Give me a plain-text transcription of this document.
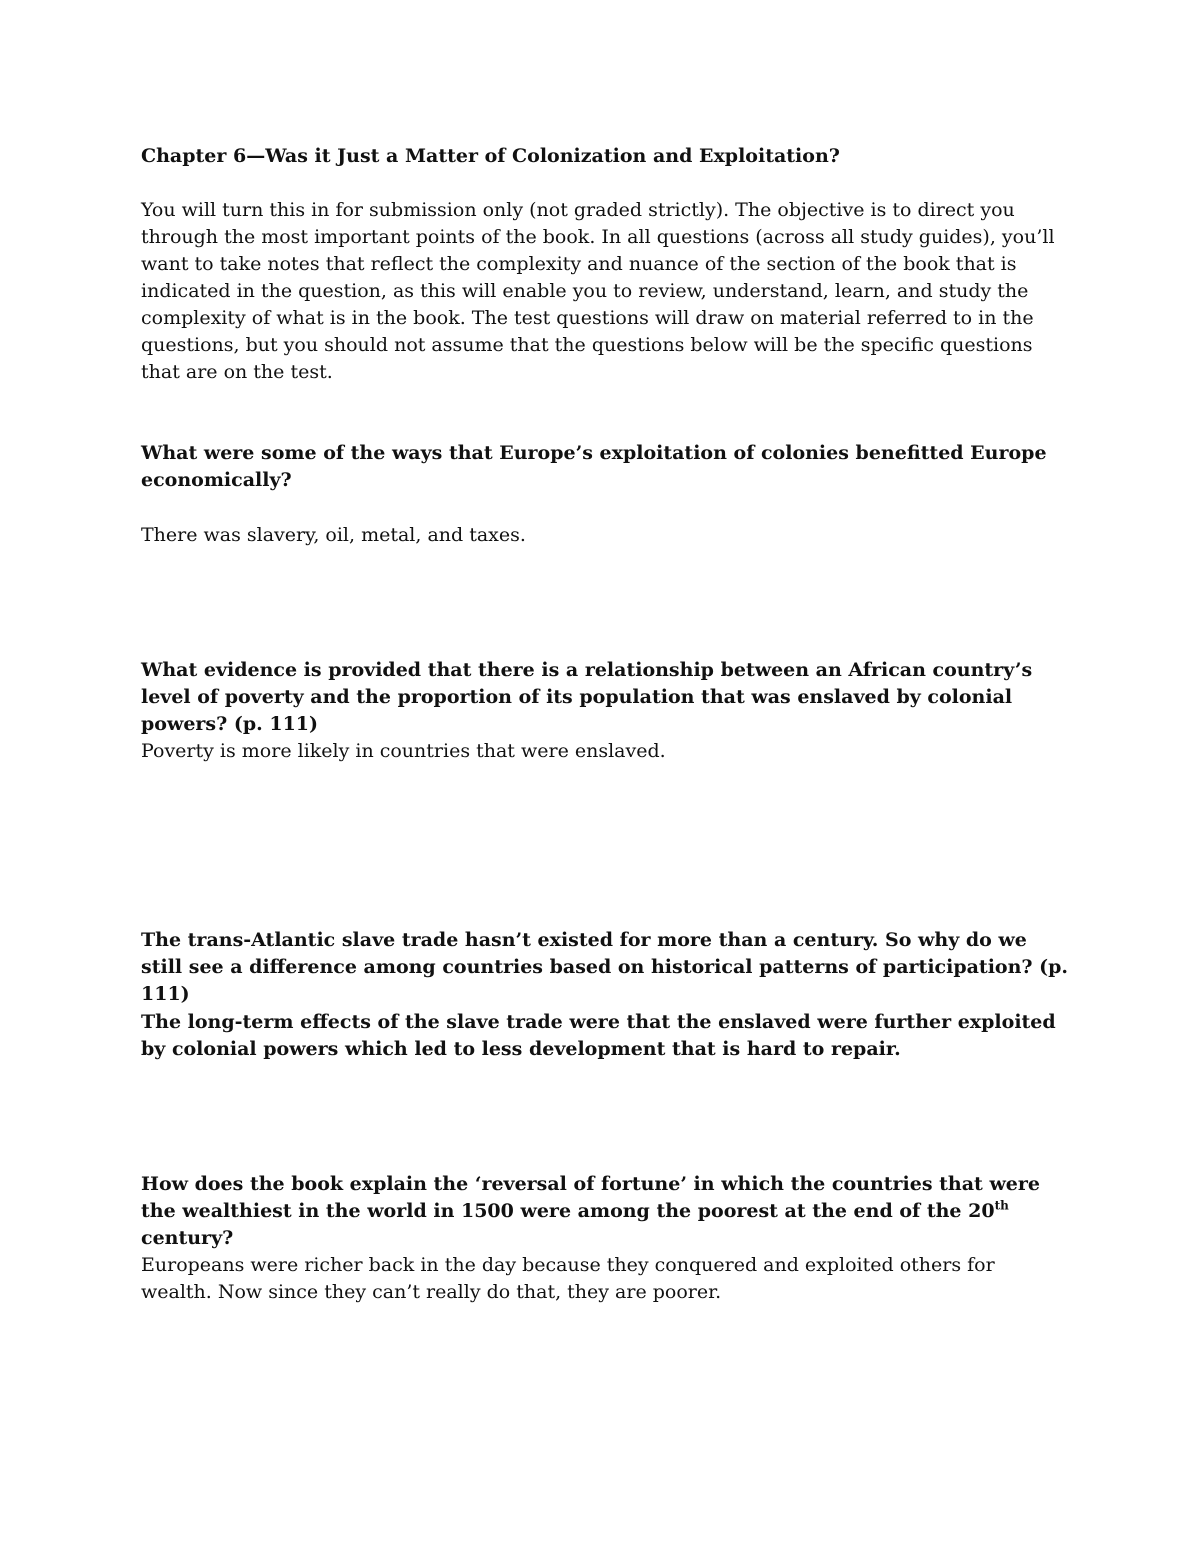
Chapter 6—Was it Just a Matter of Colonization and Exploitation?

You will turn this in for submission only (not graded strictly). The objective is to direct you through the most important points of the book. In all questions (across all study guides), you’ll want to take notes that reflect the complexity and nuance of the section of the book that is indicated in the question, as this will enable you to review, understand, learn, and study the complexity of what is in the book. The test questions will draw on material referred to in the questions, but you should not assume that the questions below will be the specific questions that are on the test.

What were some of the ways that Europe’s exploitation of colonies benefitted Europe economically?

There was slavery, oil, metal, and taxes.

What evidence is provided that there is a relationship between an African country’s level of poverty and the proportion of its population that was enslaved by colonial powers? (p. 111)

Poverty is more likely in countries that were enslaved.

The trans-Atlantic slave trade hasn’t existed for more than a century. So why do we still see a difference among countries based on historical patterns of participation? (p. 111)

The long-term effects of the slave trade were that the enslaved were further exploited by colonial powers which led to less development that is hard to repair.

How does the book explain the ‘reversal of fortune’ in which the countries that were the wealthiest in the world in 1500 were among the poorest at the end of the 20th century?

Europeans were richer back in the day because they conquered and exploited others for wealth. Now since they can’t really do that, they are poorer.
